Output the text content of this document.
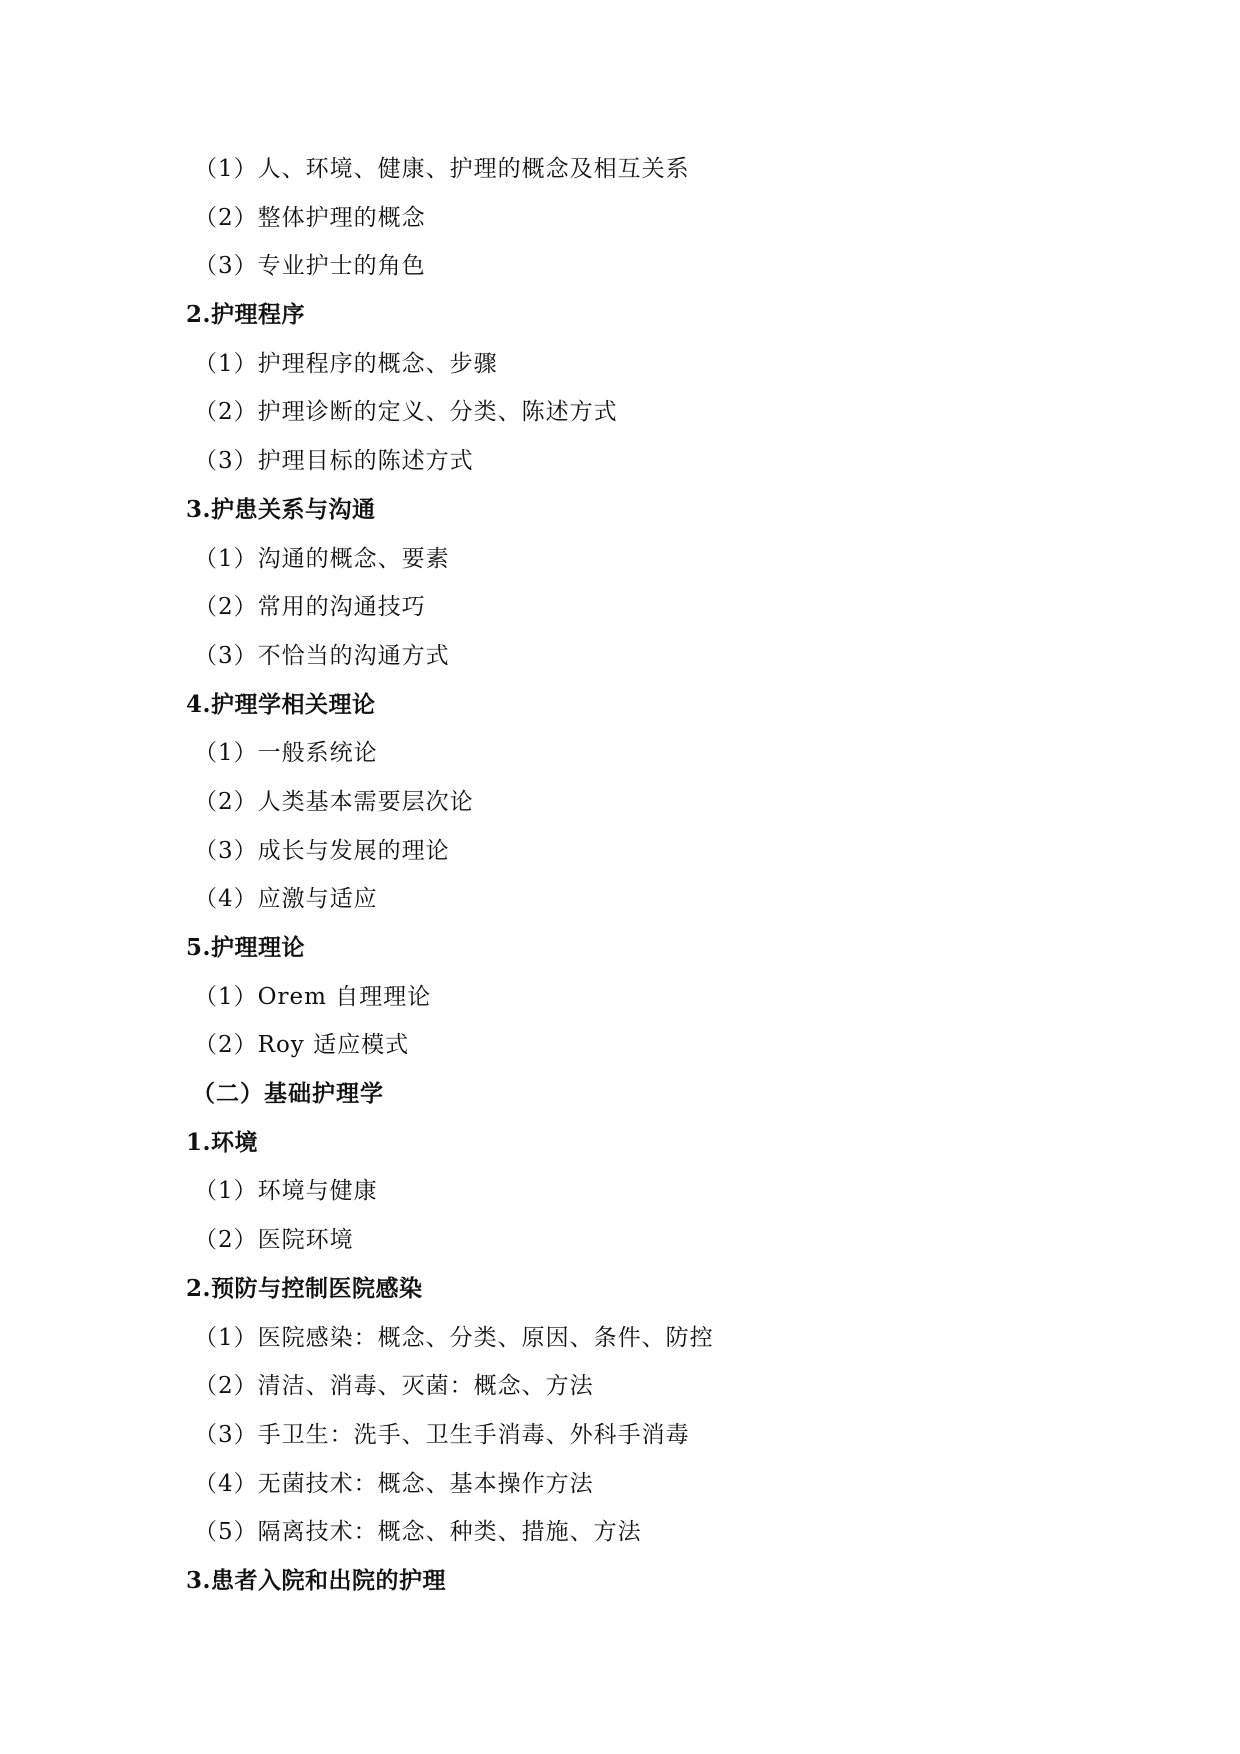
（1）人、环境、健康、护理的概念及相互关系
（2）整体护理的概念
（3）专业护士的角色
2.护理程序
（1）护理程序的概念、步骤
（2）护理诊断的定义、分类、陈述方式
（3）护理目标的陈述方式
3.护患关系与沟通
（1）沟通的概念、要素
（2）常用的沟通技巧
（3）不恰当的沟通方式
4.护理学相关理论
（1）一般系统论
（2）人类基本需要层次论
（3）成长与发展的理论
（4）应激与适应
5.护理理论
（1）Orem 自理理论
（2）Roy 适应模式
（二）基础护理学
1.环境
（1）环境与健康
（2）医院环境
2.预防与控制医院感染
（1）医院感染：概念、分类、原因、条件、防控
（2）清洁、消毒、灭菌：概念、方法
（3）手卫生：洗手、卫生手消毒、外科手消毒
（4）无菌技术：概念、基本操作方法
（5）隔离技术：概念、种类、措施、方法
3.患者入院和出院的护理
